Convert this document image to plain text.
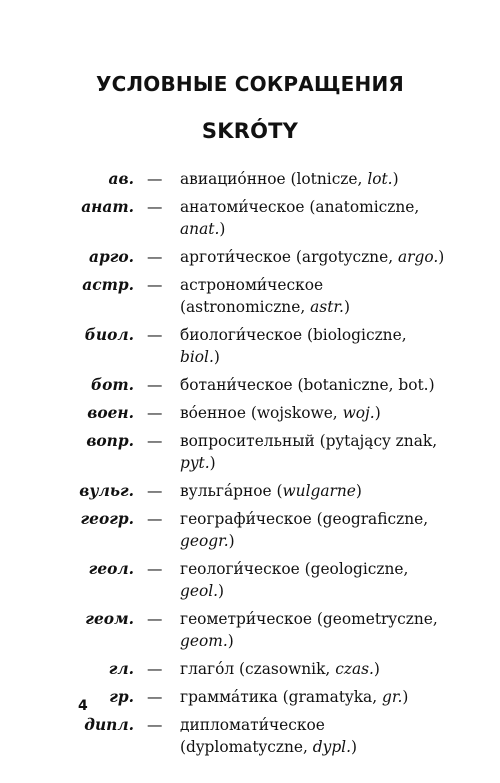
УСЛОВНЫЕ СОКРАЩЕНИЯ
SKRÓTY
ав. — авиацио́нное (lotnicze, lot.)
анат. — анатоми́ческое (anatomiczne, anat.)
арго. — арготи́ческое (argotyczne, argo.)
астр. — астрономи́ческое (astronomiczne, astr.)
биол. — биологи́ческое (biologiczne, biol.)
бот. — ботани́ческое (botaniczne, bot.)
воен. — во́енное (wojskowe, woj.)
вопр. — вопросительный (pytający znak, pyt.)
вульг. — вульга́рное (wulgarne)
геогр. — географи́ческое (geograficzne, geogr.)
геол. — геологи́ческое (geologiczne, geol.)
геом. — геометри́ческое (geometryczne, geom.)
гл. — глаго́л (czasownik, czas.)
гр. — грамма́тика (gramatyka, gr.)
дипл. — дипломати́ческое (dyplomatyczne, dypl.)
4
